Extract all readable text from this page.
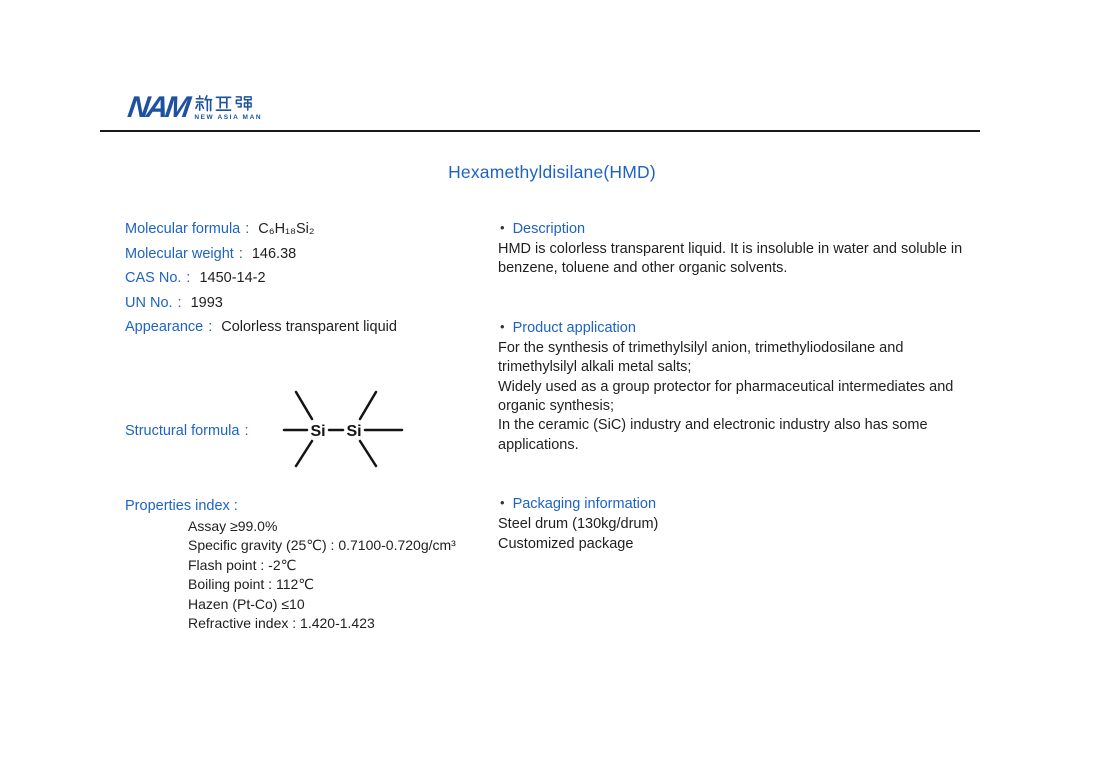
NAM NEW ASIA MAN
Hexamethyldisilane(HMD)
Molecular formula : C₆H₁₈Si₂
Molecular weight : 146.38
CAS No. : 1450-14-2
UN No. : 1993
Appearance : Colorless transparent liquid
Structural formula :	Si Si
Properties index :
Assay ≥99.0%
Specific gravity (25℃) : 0.7100-0.720g/cm³
Flash point : -2℃
Boiling point : 112℃
Hazen (Pt-Co) ≤10
Refractive index : 1.420-1.423
• Description
HMD is colorless transparent liquid. It is insoluble in water and soluble in
benzene, toluene and other organic solvents.
• Product application
For the synthesis of trimethylsilyl anion, trimethyliodosilane and
trimethylsilyl alkali metal salts;
Widely used as a group protector for pharmaceutical intermediates and
organic synthesis;
In the ceramic (SiC) industry and electronic industry also has some
applications.
• Packaging information
Steel drum (130kg/drum)
Customized package
